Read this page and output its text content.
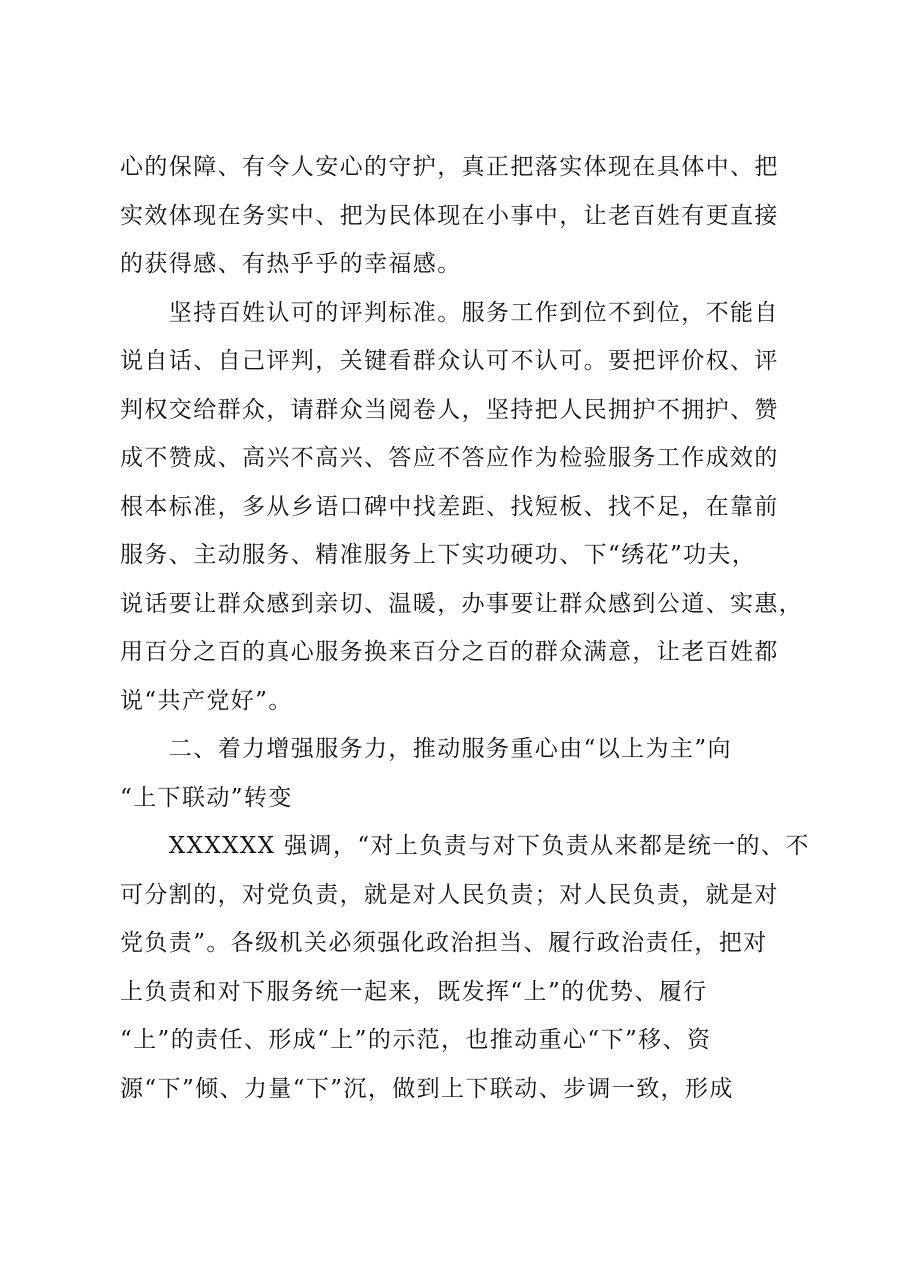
心的保障、有令人安心的守护，真正把落实体现在具体中、把
实效体现在务实中、把为民体现在小事中，让老百姓有更直接
的获得感、有热乎乎的幸福感。
　　坚持百姓认可的评判标准。服务工作到位不到位，不能自
说自话、自己评判，关键看群众认可不认可。要把评价权、评
判权交给群众，请群众当阅卷人，坚持把人民拥护不拥护、赞
成不赞成、高兴不高兴、答应不答应作为检验服务工作成效的
根本标准，多从乡语口碑中找差距、找短板、找不足，在靠前
服务、主动服务、精准服务上下实功硬功、下“绣花”功夫，
说话要让群众感到亲切、温暖，办事要让群众感到公道、实惠，
用百分之百的真心服务换来百分之百的群众满意，让老百姓都
说“共产党好”。
　　二、着力增强服务力，推动服务重心由“以上为主”向
“上下联动”转变
　　XXXXXX 强调，“对上负责与对下负责从来都是统一的、不
可分割的，对党负责，就是对人民负责；对人民负责，就是对
党负责”。各级机关必须强化政治担当、履行政治责任，把对
上负责和对下服务统一起来，既发挥“上”的优势、履行
“上”的责任、形成“上”的示范，也推动重心“下”移、资
源“下”倾、力量“下”沉，做到上下联动、步调一致，形成
